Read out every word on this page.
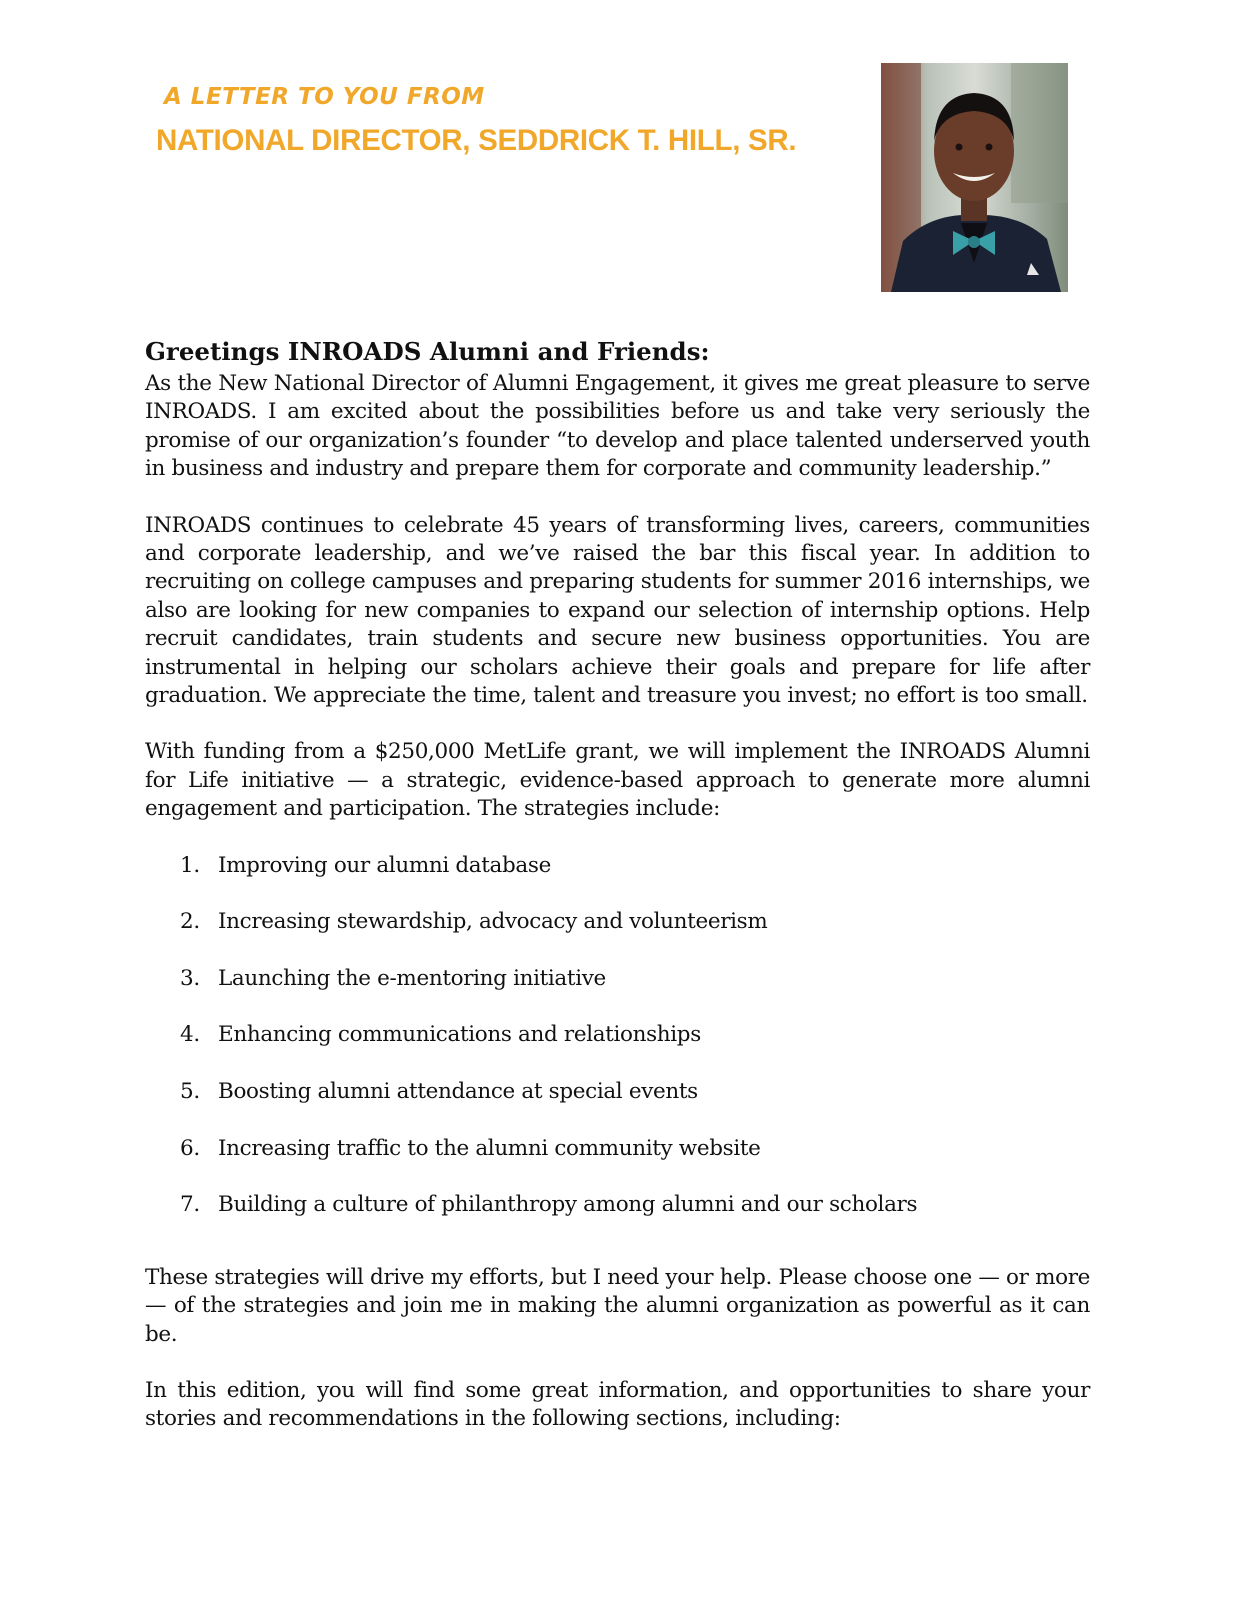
A LETTER TO YOU FROM
NATIONAL DIRECTOR, SEDDRICK T. HILL, SR.
Greetings INROADS Alumni and Friends:

As the New National Director of Alumni Engagement, it gives me great pleasure to serve INROADS. I am excited about the possibilities before us and take very seriously the promise of our organization’s founder “to develop and place talented underserved youth in business and industry and prepare them for corporate and community leadership.”

INROADS continues to celebrate 45 years of transforming lives, careers, communities and corporate leadership, and we’ve raised the bar this fiscal year. In addition to recruiting on college campuses and preparing students for summer 2016 internships, we also are looking for new companies to expand our selection of internship options. Help recruit candidates, train students and secure new business opportunities. You are instrumental in helping our scholars achieve their goals and prepare for life after graduation. We appreciate the time, talent and treasure you invest; no effort is too small.

With funding from a $250,000 MetLife grant, we will implement the INROADS Alumni for Life initiative — a strategic, evidence-based approach to generate more alumni engagement and participation. The strategies include:

1. Improving our alumni database
2. Increasing stewardship, advocacy and volunteerism
3. Launching the e-mentoring initiative
4. Enhancing communications and relationships
5. Boosting alumni attendance at special events
6. Increasing traffic to the alumni community website
7. Building a culture of philanthropy among alumni and our scholars

These strategies will drive my efforts, but I need your help. Please choose one — or more — of the strategies and join me in making the alumni organization as powerful as it can be.

In this edition, you will find some great information, and opportunities to share your stories and recommendations in the following sections, including:
